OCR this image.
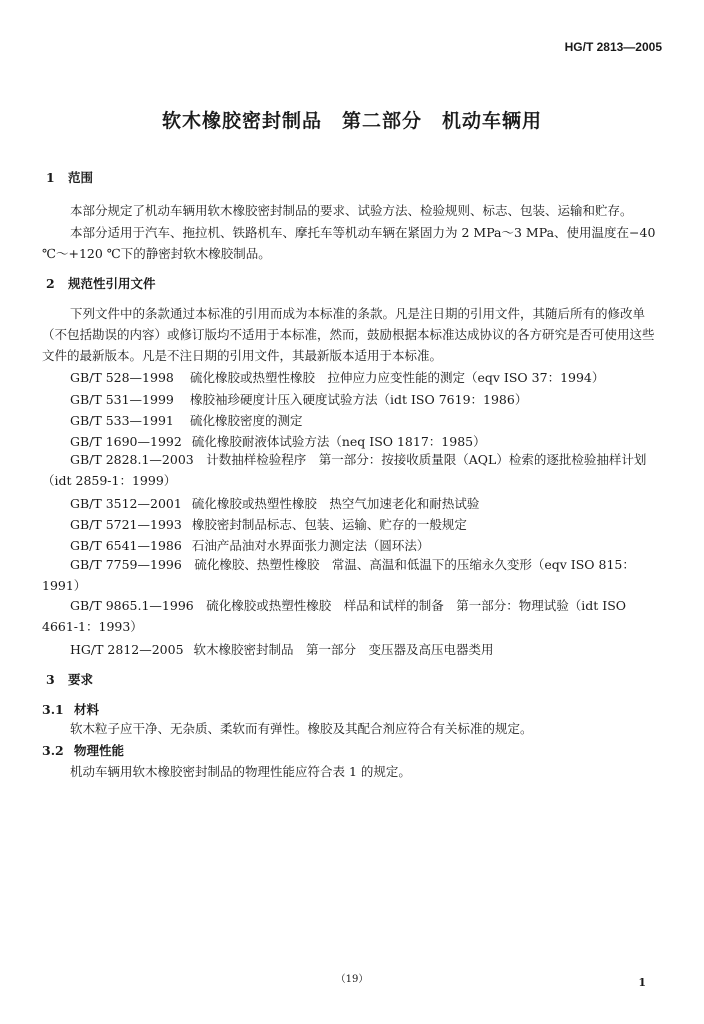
HG/T 2813—2005
软木橡胶密封制品　第二部分　机动车辆用
1 范围
本部分规定了机动车辆用软木橡胶密封制品的要求、试验方法、检验规则、标志、包装、运输和贮存。
本部分适用于汽车、拖拉机、铁路机车、摩托车等机动车辆在紧固力为 2 MPa～3 MPa、使用温度在−40 ℃～+120 ℃下的静密封软木橡胶制品。
2 规范性引用文件
下列文件中的条款通过本标准的引用而成为本标准的条款。凡是注日期的引用文件，其随后所有的修改单（不包括勘误的内容）或修订版均不适用于本标准，然而，鼓励根据本标准达成协议的各方研究是否可使用这些文件的最新版本。凡是不注日期的引用文件，其最新版本适用于本标准。
GB/T 528—1998 硫化橡胶或热塑性橡胶　拉伸应力应变性能的测定（eqv ISO 37：1994）
GB/T 531—1999 橡胶袖珍硬度计压入硬度试验方法（idt ISO 7619：1986）
GB/T 533—1991 硫化橡胶密度的测定
GB/T 1690—1992 硫化橡胶耐液体试验方法（neq ISO 1817：1985）
GB/T 2828.1—2003　 计数抽样检验程序　第一部分：按接收质量限（AQL）检索的逐批检验抽样计划（idt 2859-1：1999）
GB/T 3512—2001 硫化橡胶或热塑性橡胶　热空气加速老化和耐热试验
GB/T 5721—1993 橡胶密封制品标志、包装、运输、贮存的一般规定
GB/T 6541—1986 石油产品油对水界面张力测定法（圆环法）
GB/T 7759—1996　 硫化橡胶、热塑性橡胶　常温、高温和低温下的压缩永久变形（eqv ISO 815：1991）
GB/T 9865.1—1996　 硫化橡胶或热塑性橡胶　样品和试样的制备　第一部分：物理试验（idt ISO 4661-1：1993）
HG/T 2812—2005 软木橡胶密封制品　第一部分　变压器及高压电器类用
3 要求
3.1 材料
软木粒子应干净、无杂质、柔软而有弹性。橡胶及其配合剂应符合有关标准的规定。
3.2 物理性能
机动车辆用软木橡胶密封制品的物理性能应符合表 1 的规定。
（19）	1
